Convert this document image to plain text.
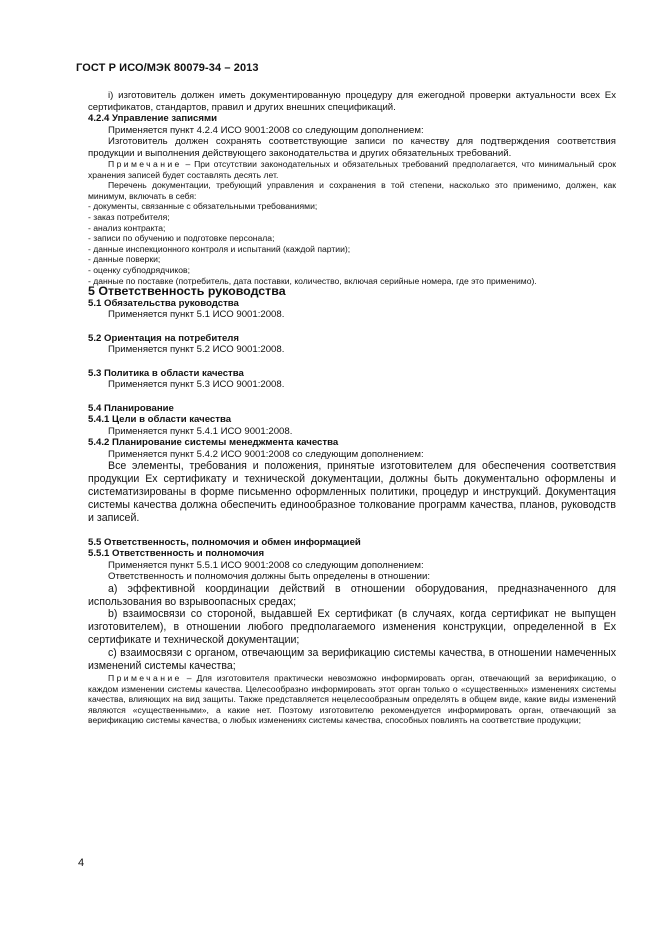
ГОСТ Р ИСО/МЭК 80079-34 – 2013

i) изготовитель должен иметь документированную процедуру для ежегодной проверки актуальности всех Ex сертификатов, стандартов, правил и других внешних спецификаций.

4.2.4 Управление записями

Применяется пункт 4.2.4 ИСО 9001:2008 со следующим дополнением:

Изготовитель должен сохранять соответствующие записи по качеству для подтверждения соответствия продукции и выполнения действующего законодательства и других обязательных требований.

Примечание – При отсутствии законодательных и обязательных требований предполагается, что минимальный срок хранения записей будет составлять десять лет.

Перечень документации, требующий управления и сохранения в той степени, насколько это применимо, должен, как минимум, включать в себя:

- документы, связанные с обязательными требованиями;

- заказ потребителя;

- анализ контракта;

- записи по обучению и подготовке персонала;

- данные инспекционного контроля и испытаний (каждой партии);

- данные поверки;

- оценку субподрядчиков;

- данные по поставке (потребитель, дата поставки, количество, включая серийные номера, где это применимо).

5 Ответственность руководства

5.1 Обязательства руководства

Применяется пункт 5.1 ИСО 9001:2008.

5.2 Ориентация на потребителя

Применяется пункт 5.2 ИСО 9001:2008.

5.3 Политика в области качества

Применяется пункт 5.3 ИСО 9001:2008.

5.4 Планирование

5.4.1 Цели в области качества

Применяется пункт 5.4.1 ИСО 9001:2008.

5.4.2 Планирование системы менеджмента качества

Применяется пункт 5.4.2 ИСО 9001:2008 со следующим дополнением:

Все элементы, требования и положения, принятые изготовителем для обеспечения соответствия продукции Ex сертификату и технической документации, должны быть документально оформлены и систематизированы в форме письменно оформленных политики, процедур и инструкций. Документация системы качества должна обеспечить единообразное толкование программ качества, планов, руководств и записей.

5.5 Ответственность, полномочия и обмен информацией

5.5.1 Ответственность и полномочия

Применяется пункт 5.5.1 ИСО 9001:2008 со следующим дополнением:

Ответственность и полномочия должны быть определены в отношении:

a) эффективной координации действий в отношении оборудования, предназначенного для использования во взрывоопасных средах;

b) взаимосвязи со стороной, выдавшей Ex сертификат (в случаях, когда сертификат не выпущен изготовителем), в отношении любого предполагаемого изменения конструкции, определенной в Ex сертификате и технической документации;

c) взаимосвязи с органом, отвечающим за верификацию системы качества, в отношении намеченных изменений системы качества;

Примечание – Для изготовителя практически невозможно информировать орган, отвечающий за верификацию, о каждом изменении системы качества. Целесообразно информировать этот орган только о «существенных» изменениях системы качества, влияющих на вид защиты. Также представляется нецелесообразным определять в общем виде, какие виды изменений являются «существенными», а какие нет. Поэтому изготовителю рекомендуется информировать орган, отвечающий за верификацию системы качества, о любых изменениях системы качества, способных повлиять на соответствие продукции;

4
